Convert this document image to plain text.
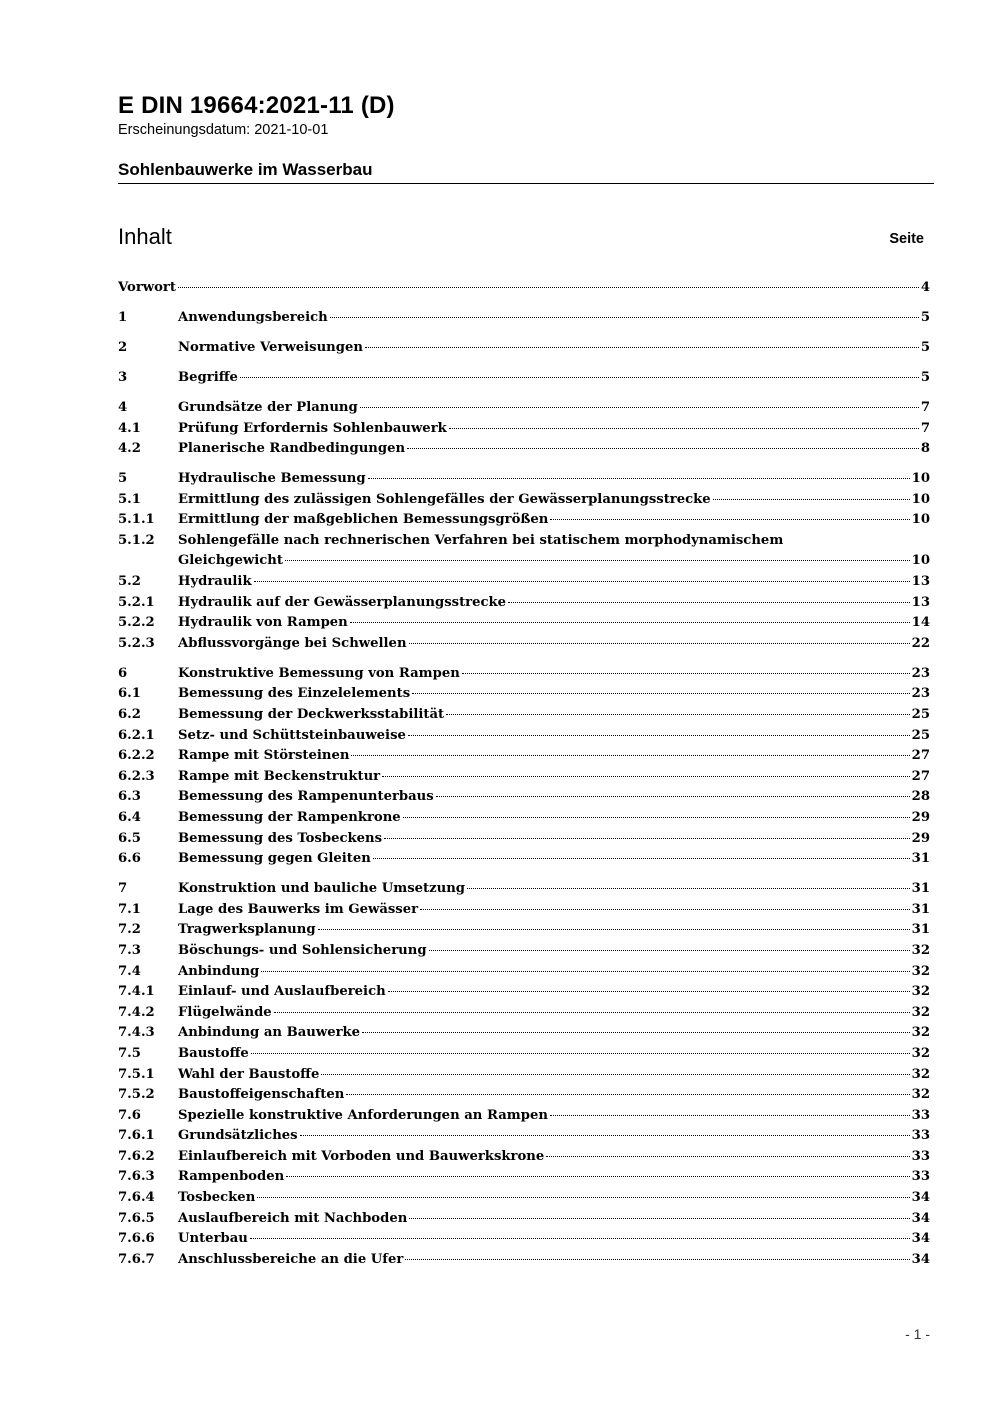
E DIN 19664:2021-11 (D)
Erscheinungsdatum: 2021-10-01
Sohlenbauwerke im Wasserbau
Inhalt	Seite
Vorwort	4
1	Anwendungsbereich	5
2	Normative Verweisungen	5
3	Begriffe	5
4	Grundsätze der Planung	7
4.1	Prüfung Erfordernis Sohlenbauwerk	7
4.2	Planerische Randbedingungen	8
5	Hydraulische Bemessung	10
5.1	Ermittlung des zulässigen Sohlengefälles der Gewässerplanungsstrecke	10
5.1.1	Ermittlung der maßgeblichen Bemessungsgrößen	10
5.1.2	Sohlengefälle nach rechnerischen Verfahren bei statischem morphodynamischem
Gleichgewicht	10
5.2	Hydraulik	13
5.2.1	Hydraulik auf der Gewässerplanungsstrecke	13
5.2.2	Hydraulik von Rampen	14
5.2.3	Abflussvorgänge bei Schwellen	22
6	Konstruktive Bemessung von Rampen	23
6.1	Bemessung des Einzelelements	23
6.2	Bemessung der Deckwerksstabilität	25
6.2.1	Setz- und Schüttsteinbauweise	25
6.2.2	Rampe mit Störsteinen	27
6.2.3	Rampe mit Beckenstruktur	27
6.3	Bemessung des Rampenunterbaus	28
6.4	Bemessung der Rampenkrone	29
6.5	Bemessung des Tosbeckens	29
6.6	Bemessung gegen Gleiten	31
7	Konstruktion und bauliche Umsetzung	31
7.1	Lage des Bauwerks im Gewässer	31
7.2	Tragwerksplanung	31
7.3	Böschungs- und Sohlensicherung	32
7.4	Anbindung	32
7.4.1	Einlauf- und Auslaufbereich	32
7.4.2	Flügelwände	32
7.4.3	Anbindung an Bauwerke	32
7.5	Baustoffe	32
7.5.1	Wahl der Baustoffe	32
7.5.2	Baustoffeigenschaften	32
7.6	Spezielle konstruktive Anforderungen an Rampen	33
7.6.1	Grundsätzliches	33
7.6.2	Einlaufbereich mit Vorboden und Bauwerkskrone	33
7.6.3	Rampenboden	33
7.6.4	Tosbecken	34
7.6.5	Auslaufbereich mit Nachboden	34
7.6.6	Unterbau	34
7.6.7	Anschlussbereiche an die Ufer	34
- 1 -
